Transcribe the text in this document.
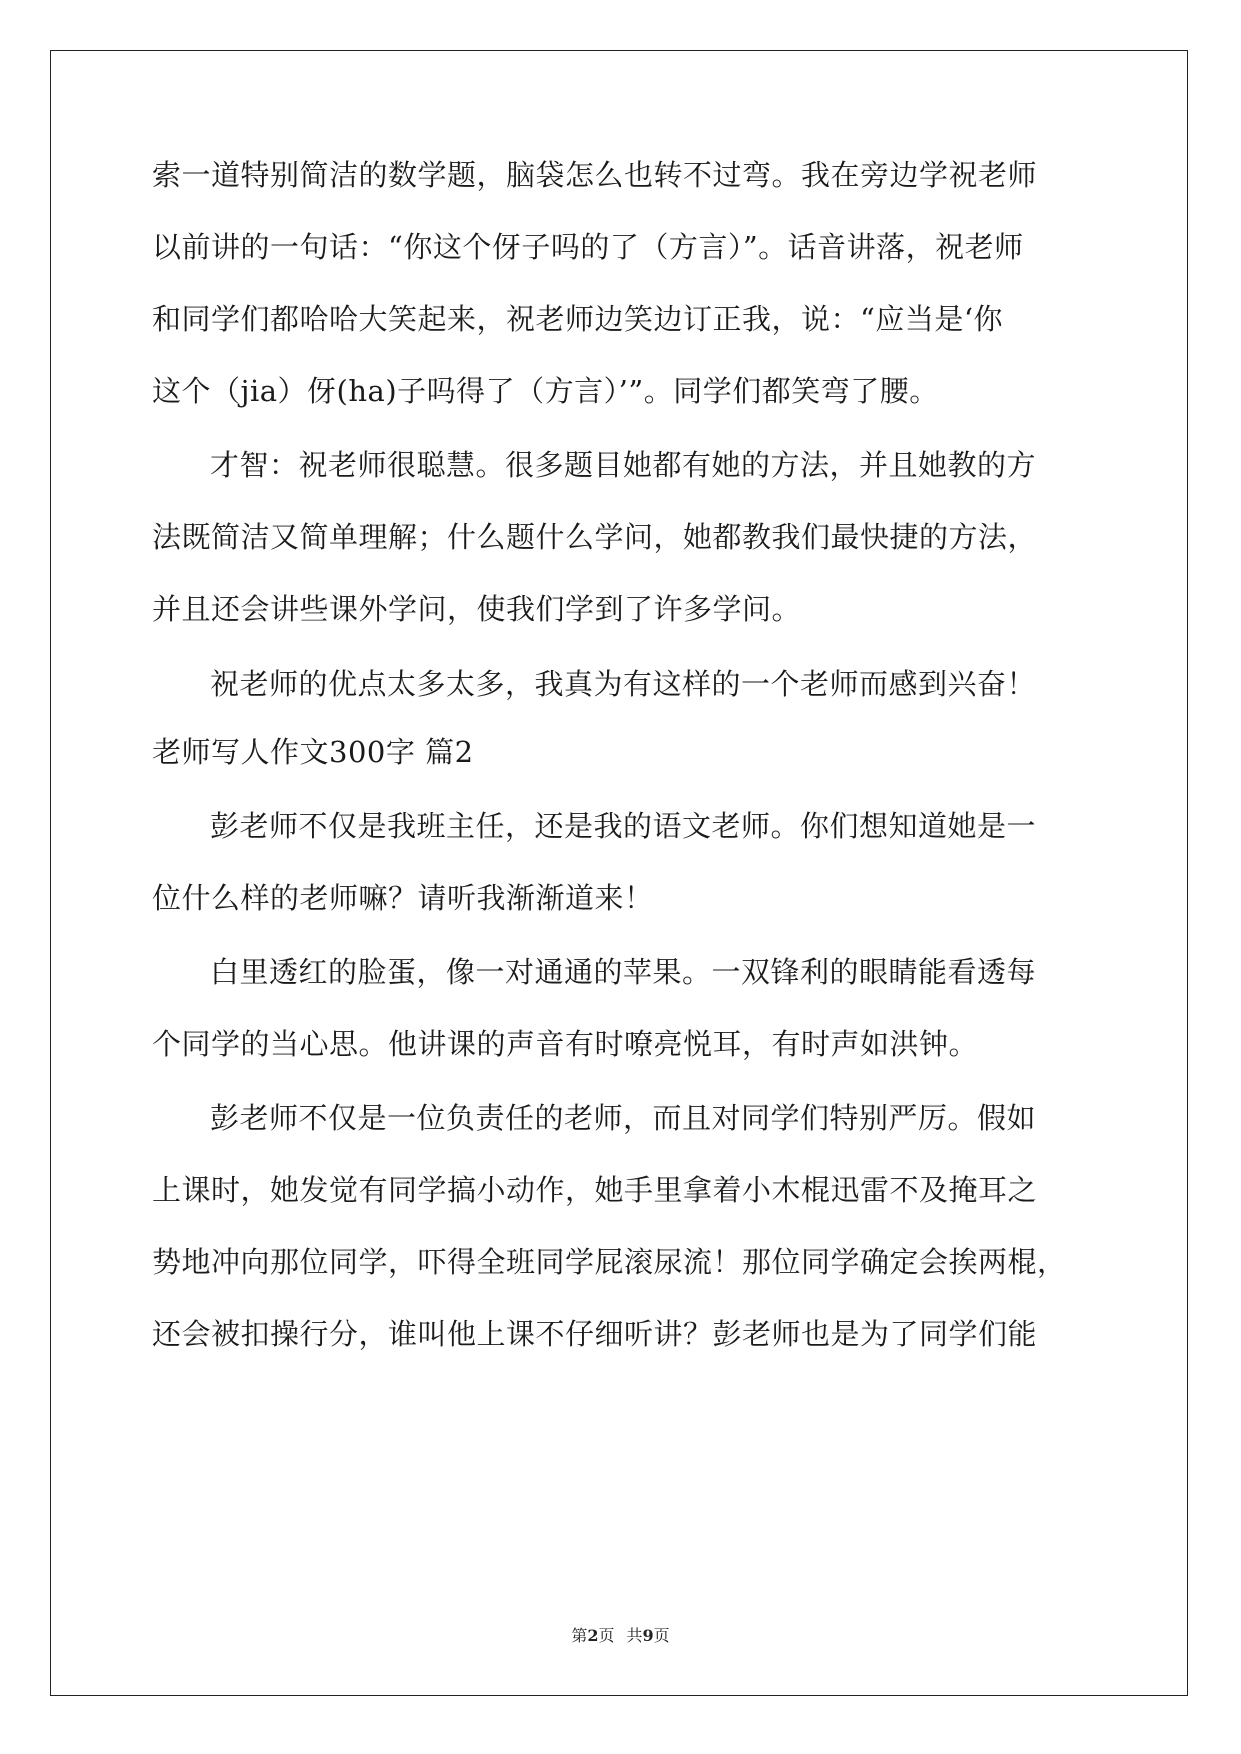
索一道特别简洁的数学题，脑袋怎么也转不过弯。我在旁边学祝老师
以前讲的一句话：“你这个伢子吗的了（方言）”。话音讲落，祝老师
和同学们都哈哈大笑起来，祝老师边笑边订正我，说：“应当是‘你
这个（jia）伢(ha)子吗得了（方言）’”。同学们都笑弯了腰。
才智：祝老师很聪慧。很多题目她都有她的方法，并且她教的方
法既简洁又简单理解；什么题什么学问，她都教我们最快捷的方法，
并且还会讲些课外学问，使我们学到了许多学问。
祝老师的优点太多太多，我真为有这样的一个老师而感到兴奋！
老师写人作文300字 篇2
彭老师不仅是我班主任，还是我的语文老师。你们想知道她是一
位什么样的老师嘛？请听我渐渐道来！
白里透红的脸蛋，像一对通通的苹果。一双锋利的眼睛能看透每
个同学的当心思。他讲课的声音有时嘹亮悦耳，有时声如洪钟。
彭老师不仅是一位负责任的老师，而且对同学们特别严厉。假如
上课时，她发觉有同学搞小动作，她手里拿着小木棍迅雷不及掩耳之
势地冲向那位同学，吓得全班同学屁滚尿流！那位同学确定会挨两棍，
还会被扣操行分，谁叫他上课不仔细听讲？彭老师也是为了同学们能
第2页 共9页
